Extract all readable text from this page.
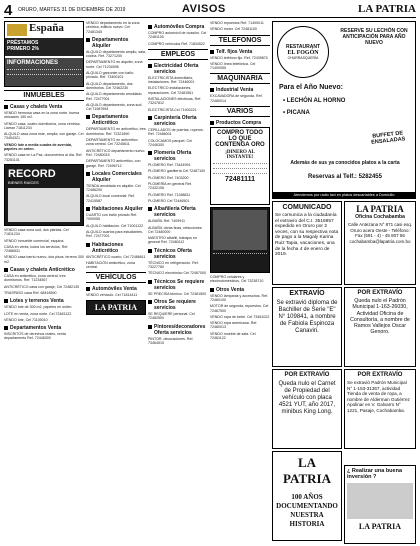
4 ORURO, MARTES 31 DE DICIEMBRE DE 2019	AVISOS	LA PATRIA
España
PRÉSTAMOS
PRIMERO 2%
INFORMACIONES
INMUEBLES
Casas y chalets Venta
VENDO hermosa casa en la zona norte, buena ubicación 150 m2.
VENDO casa, cuatro dormitorios, zona céntrica. Llamar 71811234
ALQUILO casa zona este, amplia, con garaje. Cel 73454321
VENDO lote a media cuadra de avenida, papeles en orden.
VENDO casa en La Paz, documentos al día. Ref. 73281101
RECORD
BIENES RAÍCES
VENDO casa zona sud, dos plantas. Cel 71811234
VENDO inmueble comercial, esquina.
CASA en venta, todos los servicios, Ref. 72486531
VENDO casa barrio nuevo, dos pisos, terreno 300 m2.
Casas y chalets Anticrético
CASA en anticrético, zona central, tres dormitorios. Ref. 71234567
ANTICRÉTICO casa con garaje, Cel 72482135
TRASPASO casa Ref. 68418590
Lotes y terrenos Venta
VENDO lote de 300 m2, papeles en orden.
LOTE en venta, zona norte. Cel 72481122
VENDO lote, Cel 71100010
Departamentos Venta
INSCRITOS de derechos reales, venta departamento Ref. 72446300
VENDO departamento en la zona céntrica, edificio nuevo. Cel 72481345
Departamentos Alquiler
ALQUILO departamento amplio, sala, cocina. Ref. 73271200
DEPARTAMENTO en alquiler, zona norte. Cel 71234598
ALQUILO garzonier con baño privado. Ref. 73400101
ALQUILO departamento, dos dormitorios. Cel 72462230
ALQUILO departamento amoblado. Ref. 72477001
ALQUILO departamento, zona sud. Cel 71987654
Departamentos Anticrético
DEPARTAMENTO en anticrético, tres dormitorios. Ref. 72321890
DEPARTAMENTO en anticrético zona central. Cel 73245611
ANTICRÉTICO departamento nuevo. Ref. 72480015
DEPARTAMENTO anticrético, con garaje. Ref. 72496712
Locales Comerciales Alquiler
TIENDA amoblada en alquiler. Cel 72486200
ALQUILO local comercial. Ref. 72415587
Habitaciones Alquiler
CUARTO con baño privado Ref. 7090055
ALQUILO habitación. Cel 71001122
ALQUILO cuartos para estudiantes. Ref. 72477001
Habitaciones Anticrético
ANTICRÉTICO cuarto, Cel 72486611
HABITACIÓN anticrético, zona central.
VEHÍCULOS
Automóviles Venta
VENDO vehículo. Cel 71814411
LA PATRIA
Automóviles Compra
COMPRO automóvil de ocasión. Cel 72481100
COMPRO vehículos Ref. 71834522
EMPLEOS
Electricidad Oferta servicios
ELECTRICISTA domiciliario, instalaciones. Ref. 72446001
ELECTRICO instalaciones, reparaciones. Cel 72481561
INSTALACIONES eléctricas, Ref. 73247812
ELECTRICISTA Cel 71400221
Carpintería Oferta servicios
CEPILLADOS de puertas, roperos. Ref. 72486001
COLOCAMOS parquet. Cel 72446300
Plomería Oferta servicios
PLOMERO Ref. 73444991
PLOMERO gasfitería Cel 72487100
PLOMERO Ref. 7403200
PLOMERÍA en general Ref. 72432106
PLOMERO Ref. 71288811
PLOMERO Cel 72446501
Albañilería Oferta servicios
ALBAÑIL Ref. 7409911
ALBAÑIL obras finas, refacciones. Cel 72480000
MAESTRO albañil, trabajos en general Ref. 72480112
Técnicos Oferta servicios
TÉCNICO en refrigeración. Ref. 73227780
TÉCNICO electrónico Cel 72467000
Técnicos Se requiere servicios
SE PRECISA técnico. Cel 72481500
Otros Se requiere servicios
SE REQUIERE personal. Cel 72482500
Pintores/decoradores Oferta servicios
PINTOR, decoraciones. Ref. 73464515
VENDO repuestos Ref. 71400011
VENDO motor. Cel 72481100
TELEFONOS
Telf. fijos Venta
VENDO teléfono fijo. Ref. 72439870
VENDO línea telefónica. Cel 71400055
MAQUINARIA
Industrial Venta
EXCAVADORA de segunda. Ref. 72480014
VARIOS
Productos Compra
COMPRO TODO LO QUE CONTENGA ORO
¡DINERO AL INSTANTE!
72481111
COMPRO celulares y electrodomésticos, Cel 73238710
Otros Venta
VENDO lámparas y accesorios. Ref. 72480100
MOTOR de segunda, repuestos. Cel 72467500
VENDO ropa de bebé. Cel 73451022
VENDO ropa americana. Ref. 72480013
VENDO mueble de sala. Cel 72461122
RESTAURANT
EL FOGÓN
CHURRASQUERÍA
RESERVE SU LECHÓN CON ANTICIPACIÓN PARA AÑO NUEVO
Para el Año Nuevo:
• LECHÓN AL HORNO
• PICANA
BUFFET DE ENSALADAS
Además de sus ya conocidos platos a la carta
Reservas al Telf.: 5282455
Atendemos por radio taxi en platos descartables a Domicilio
COMUNICADO
Se comunica a la ciudadanía el extravío del C.I. 3516957 expedido en Oruro por 2 veces, con su respectiva nota de pago a la Magaly Karina Ruiz Tapia, vacaciones, una de la fecha 4 de enero de 2019.
EXTRAVÍO
Se extravió diploma de Bachiller de Serie "E" N° 109841, a nombre de Fabiola Espinoza Canaviri.
POR EXTRAVÍO
Queda nulo el Carnet de Propiedad del vehículo con placa 4521 YUT, año 2017, minibus King Long.
LA PATRIA
100 AÑOS DOCUMENTANDO NUESTRA HISTORIA
LA PATRIA
Oficina Cochabamba
Calle Antezana N° 871 casi esq. Oruro acera Oeste - Teléfono: Fax (591 - 4) - 45 807 56 cochabamba@lapatria.com.bo
POR EXTRAVÍO
Queda nulo el Padrón Municipal 1-163-26030, Actividad Oficina de Consultoría, a nombre de Ramos Vallejos Oscar Genoro.
POR EXTRAVÍO
Se extravió Padrón Municipal N° 1-153-31367, actividad Tienda de venta de ropa, a nombre de Alderman Gutiérrez Apolinar en V. Galvarro N° 1221, Pasaje, Cochabamba.
¿ Realizar una buena inversión ?
LA PATRIA
